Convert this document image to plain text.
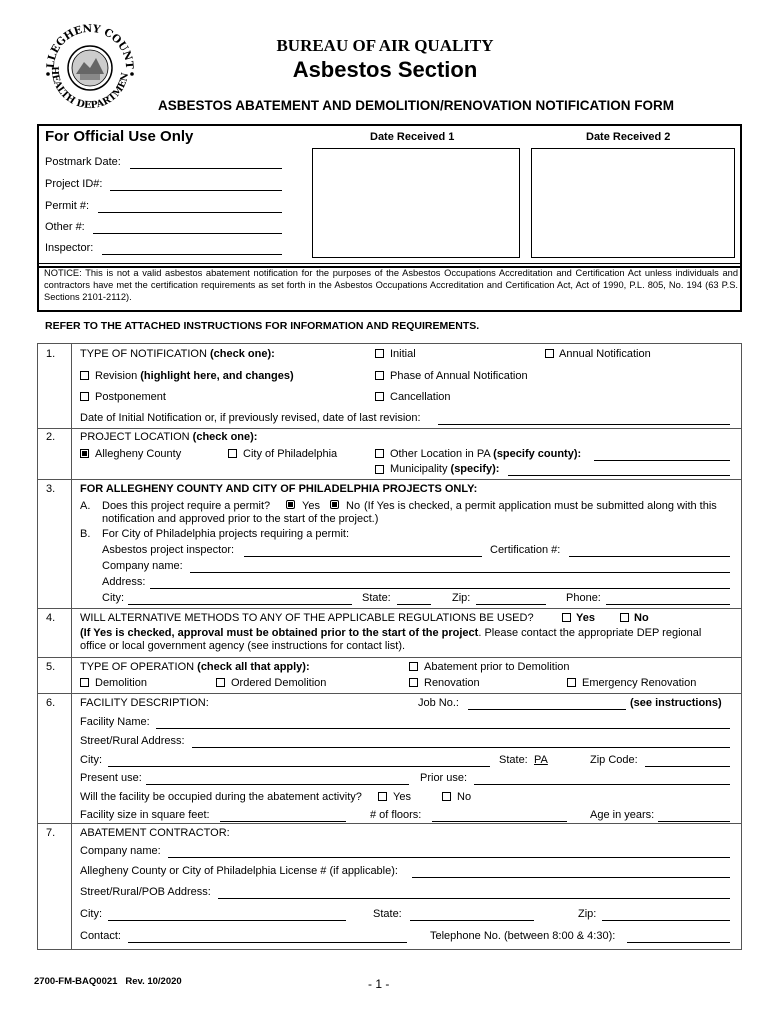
LLEGHENY COUNT
HEALTH DEPARTMEN
BUREAU OF AIR QUALITY
Asbestos Section
ASBESTOS ABATEMENT AND DEMOLITION/RENOVATION NOTIFICATION FORM
For Official Use Only	Date Received 1	Date Received 2
Postmark Date:
Project ID#:
Permit #:
Other #:
Inspector:
NOTICE: This is not a valid asbestos abatement notification for the purposes of the Asbestos Occupations Accreditation and Certification Act unless individuals and contractors have met the certification requirements as set forth in the Asbestos Occupations Accreditation and Certification Act, Act of 1990, P.L. 805, No. 194 (63 P.S. Sections 2101-2112).
REFER TO THE ATTACHED INSTRUCTIONS FOR INFORMATION AND REQUIREMENTS.
1. TYPE OF NOTIFICATION (check one):	Initial	Annual Notification
Revision (highlight here, and changes)	Phase of Annual Notification
Postponement	Cancellation
Date of Initial Notification or, if previously revised, date of last revision:
2. PROJECT LOCATION (check one):
Allegheny County	City of Philadelphia	Other Location in PA (specify county):
Municipality (specify):
3. FOR ALLEGHENY COUNTY AND CITY OF PHILADELPHIA PROJECTS ONLY:
A. Does this project require a permit?	Yes No (If Yes is checked, a permit application must be submitted along with this
notification and approved prior to the start of the project.)
B. For City of Philadelphia projects requiring a permit:
Asbestos project inspector:	Certification #:
Company name:
Address:
City:	State:	Zip:	Phone:
4. WILL ALTERNATIVE METHODS TO ANY OF THE APPLICABLE REGULATIONS BE USED?	Yes	No
(If Yes is checked, approval must be obtained prior to the start of the project. Please contact the appropriate DEP regional
office or local government agency (see instructions for contact list).
5. TYPE OF OPERATION (check all that apply):	Abatement prior to Demolition
Demolition	Ordered Demolition	Renovation	Emergency Renovation
6. FACILITY DESCRIPTION:	Job No.:	(see instructions)
Facility Name:
Street/Rural Address:
City:	State: PA	Zip Code:
Present use:	Prior use:
Will the facility be occupied during the abatement activity?	Yes	No
Facility size in square feet:	# of floors:	Age in years:
7. ABATEMENT CONTRACTOR:
Company name:
Allegheny County or City of Philadelphia License # (if applicable):
Street/Rural/POB Address:
City:	State:	Zip:
Contact:	Telephone No. (between 8:00 & 4:30):
2700-FM-BAQ0021   Rev. 10/2020	- 1 -
